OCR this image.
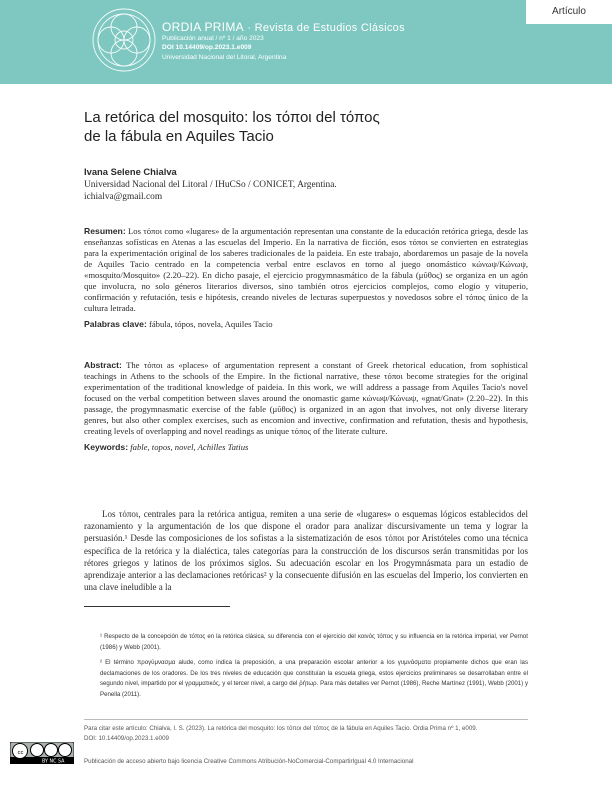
ORDIA PRIMA · Revista de Estudios Clásicos
Publicación anual / nº 1 / año 2023
DOI 10.14409/op.2023.1.e009
Universidad Nacional del Litoral, Argentina
Artículo
La retórica del mosquito: los τόποι del τόπος
de la fábula en Aquiles Tacio
Ivana Selene Chialva
Universidad Nacional del Litoral / IHuCSo / CONICET, Argentina.
ichialva@gmail.com

Resumen: Los τόποι como «lugares» de la argumentación representan una constante de la educación retórica griega, desde las enseñanzas sofísticas en Atenas a las escuelas del Imperio. En la narrativa de ficción, esos τόποι se convierten en estrategias para la experimentación original de los saberes tradicionales de la paideia. En este trabajo, abordaremos un pasaje de la novela de Aquiles Tacio centrado en la competencia verbal entre esclavos en torno al juego onomástico κώνωψ/Κώνωψ, «mosquito/Mosquito» (2.20–22). En dicho pasaje, el ejercicio progymnasmático de la fábula (μῦθος) se organiza en un agón que involucra, no solo géneros literarios diversos, sino también otros ejercicios complejos, como elogio y vituperio, confirmación y refutación, tesis e hipótesis, creando niveles de lecturas superpuestos y novedosos sobre el τόπος único de la cultura letrada.

Palabras clave: fábula, tópos, novela, Aquiles Tacio

Abstract: The τόποι as «places» of argumentation represent a constant of Greek rhetorical education, from sophistical teachings in Athens to the schools of the Empire. In the fictional narrative, these τόποι become strategies for the original experimentation of the traditional knowledge of paideia. In this work, we will address a passage from Aquiles Tacio's novel focused on the verbal competition between slaves around the onomastic game κώνωψ/Κώνωψ, «gnat/Gnat» (2.20–22). In this passage, the progymnasmatic exercise of the fable (μῦθος) is organized in an agon that involves, not only diverse literary genres, but also other complex exercises, such as encomion and invective, confirmation and refutation, thesis and hypothesis, creating levels of overlapping and novel readings as unique τόπος of the literate culture.

Keywords: fable, topos, novel, Achilles Tatius

Los τόποι, centrales para la retórica antigua, remiten a una serie de «lugares» o esquemas lógicos establecidos del razonamiento y la argumentación de los que dispone el orador para analizar discursivamente un tema y lograr la persuasión.¹ Desde las composiciones de los sofistas a la sistematización de esos τόποι por Aristóteles como una técnica específica de la retórica y la dialéctica, tales categorías para la construcción de los discursos serán transmitidas por los rétores griegos y latinos de los próximos siglos. Su adecuación escolar en los Progymnásmata para un estadio de aprendizaje anterior a las declamaciones retóricas² y la consecuente difusión en las escuelas del Imperio, los convierten en una clave ineludible a la

¹ Respecto de la concepción de τόπος en la retórica clásica, su diferencia con el ejercicio del κοινὸς τόπος y su influencia en la retórica imperial, ver Pernot (1986) y Webb (2001).

² El término προγύμνασμα alude, como indica la preposición, a una preparación escolar anterior a los γυμνάσματα propiamente dichos que eran las declamaciones de los oradores. De los tres niveles de educación que constituían la escuela griega, estos ejercicios preliminares se desarrollaban entre el segundo nivel, impartido por el γραμματικός, y el tercer nivel, a cargo del ῥήτωρ. Para más detalles ver Pernot (1986), Reche Martínez (1991), Webb (2001) y Penella (2011).

Para citar este artículo: Chialva, I. S. (2023). La retórica del mosquito: los τόποι del τόπος de la fábula en Aquiles Tacio. Ordia Prima nº 1, e009.
DOI: 10.14409/op.2023.1.e009
cc
BY NC SA	Publicación de acceso abierto bajo licencia Creative Commons Atribución-NoComercial-CompartirIgual 4.0 Internacional
